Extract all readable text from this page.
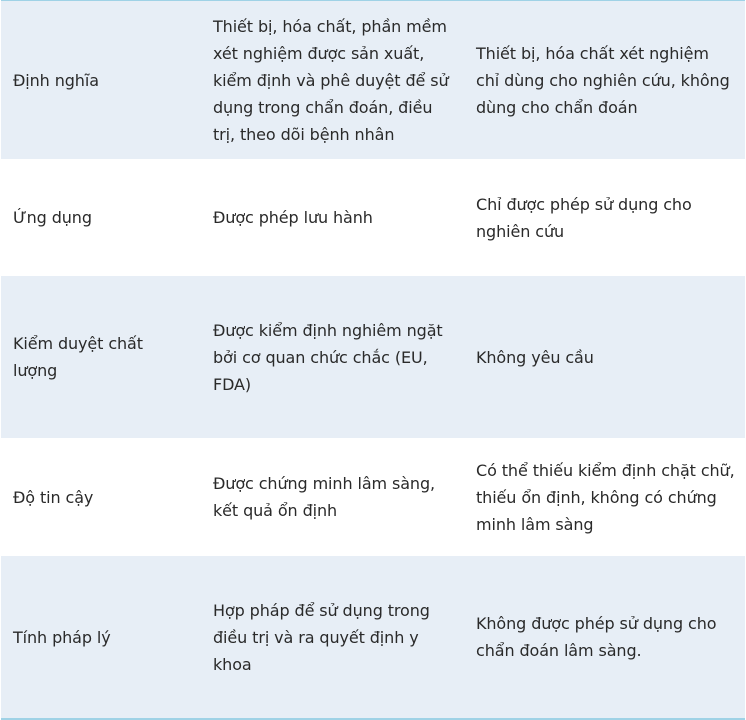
Định nghĩa
Thiết bị, hóa chất, phần mềm xét nghiệm được sản xuất, kiểm định và phê duyệt để sử dụng trong chẩn đoán, điều trị, theo dõi bệnh nhân
Thiết bị, hóa chất xét nghiệm chỉ dùng cho nghiên cứu, không dùng cho chẩn đoán
Ứng dụng	Được phép lưu hành
Chỉ được phép sử dụng cho nghiên cứu
Kiểm duyệt chất lượng
Được kiểm định nghiêm ngặt bởi cơ quan chức chắc (EU, FDA)
Không yêu cầu
Độ tin cậy
Được chứng minh lâm sàng, kết quả ổn định
Có thể thiếu kiểm định chặt chữ, thiếu ổn định, không có chứng minh lâm sàng
Tính pháp lý
Hợp pháp để sử dụng trong điều trị và ra quyết định y khoa
Không được phép sử dụng cho chẩn đoán lâm sàng.
